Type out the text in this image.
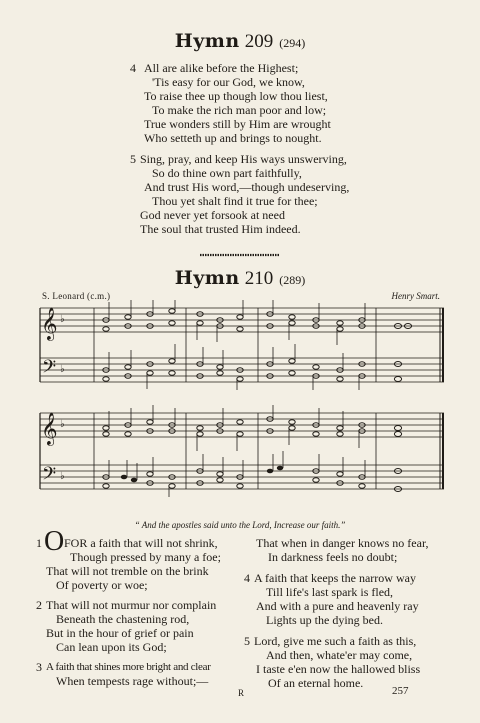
Hymn 209 (294)
4 All are alike before the Highest;
'Tis easy for our God, we know,
To raise thee up though low thou liest,
To make the rich man poor and low;
True wonders still by Him are wrought
Who setteth up and brings to nought.
5 Sing, pray, and keep His ways unswerving,
So do thine own part faithfully,
And trust His word,—though undeserving,
Thou yet shalt find it true for thee;
God never yet forsook at need
The soul that trusted Him indeed.
Hymn 210 (289)
S. Leonard (c.m.)	Henry Smart.
𝄞
𝄢
♭
♭
𝄞
𝄢
♭
♭
“ And the apostles said unto the Lord, Increase our faith.”
1 O FOR a faith that will not shrink,
Though pressed by many a foe;
That will not tremble on the brink
Of poverty or woe;
2 That will not murmur nor complain
Beneath the chastening rod,
But in the hour of grief or pain
Can lean upon its God;
3 A faith that shines more bright and clear
When tempests rage without;—
That when in danger knows no fear,
In darkness feels no doubt;
4 A faith that keeps the narrow way
Till life's last spark is fled,
And with a pure and heavenly ray
Lights up the dying bed.
5 Lord, give me such a faith as this,
And then, whate'er may come,
I taste e'en now the hallowed bliss
Of an eternal home.
R	257
